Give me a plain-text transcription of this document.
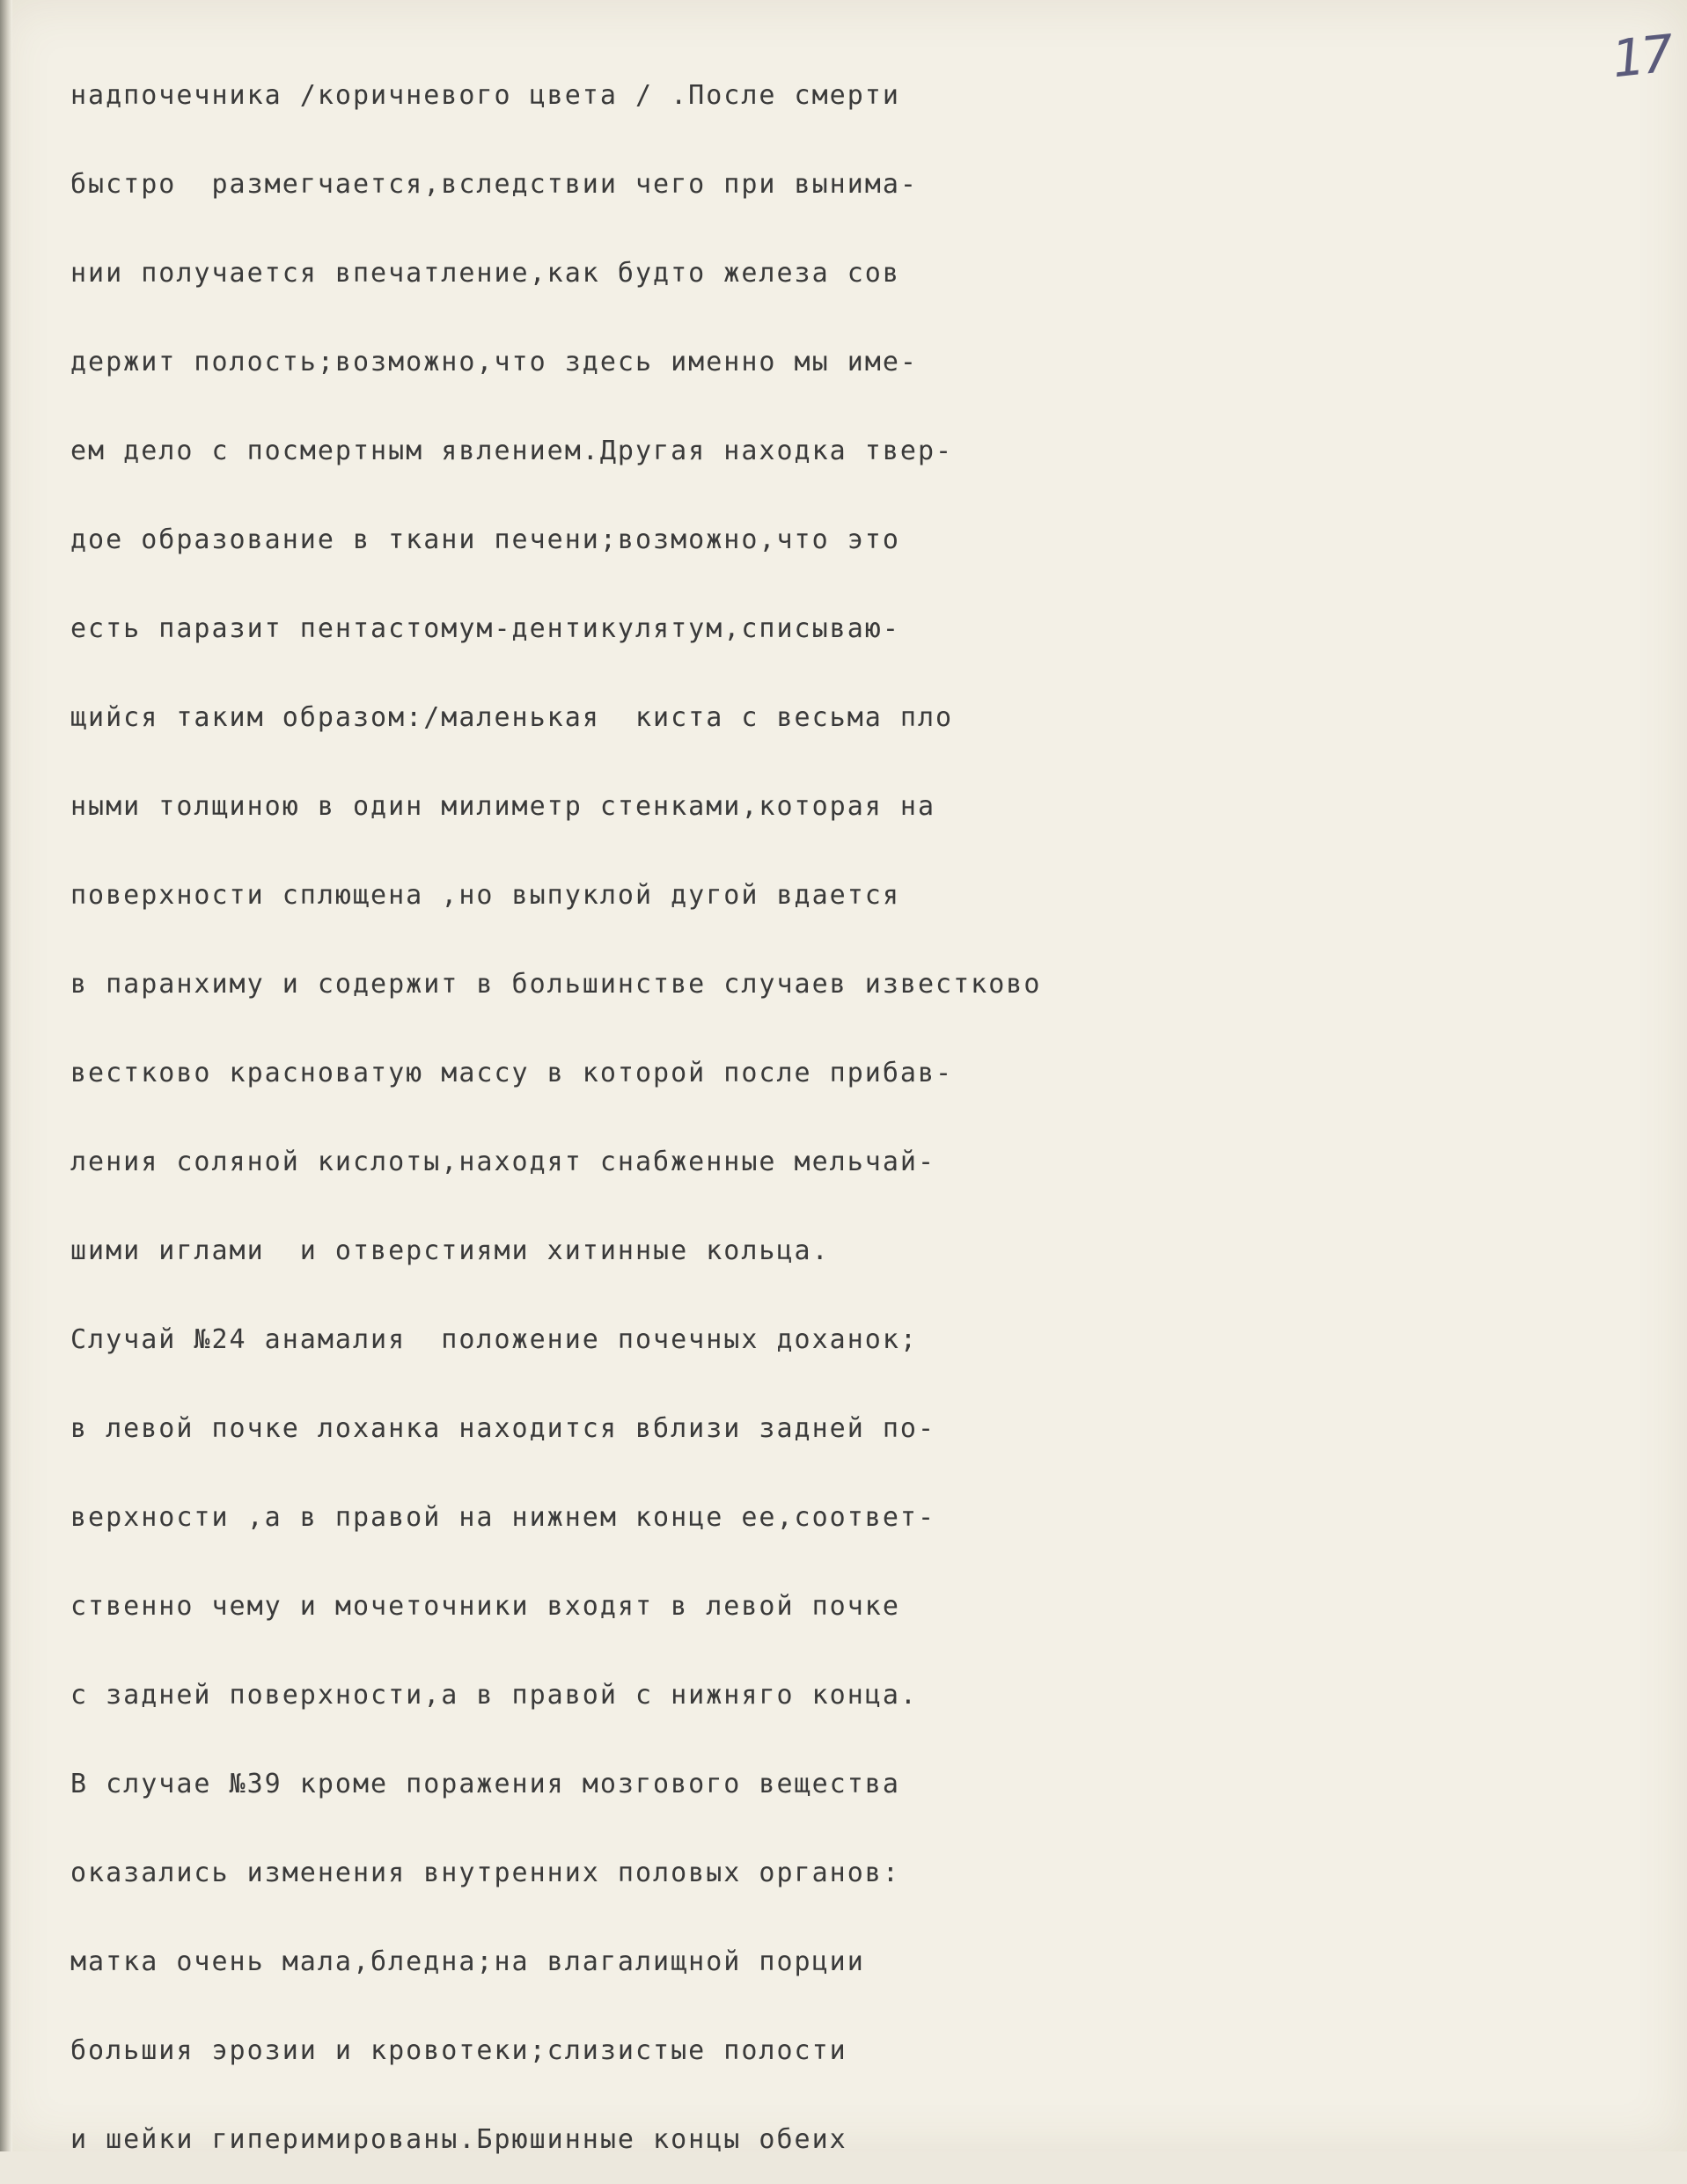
17
надпочечника /коричневого цвета / .После смерти
быстро  размегчается,вследствии чего при вынима-
нии получается впечатление,как будто железа сов
держит полость;возможно,что здесь именно мы име-
ем дело с посмертным явлением.Другая находка твер-
дое образование в ткани печени;возможно,что это
есть паразит пентастомум-дентикулятум,списываю-
щийся таким образом:/маленькая  киста с весьма пло
ными толщиною в один милиметр стенками,которая на
поверхности сплющена ,но выпуклой дугой вдается
в паранхиму и содержит в большинстве случаев известково
вестково красноватую массу в которой после прибав-
ления соляной кислоты,находят снабженные мельчай-
шими иглами  и отверстиями хитинные кольца.
Случай №24 анамалия  положение почечных доханок;
в левой почке лоханка находится вблизи задней по-
верхности ,а в правой на нижнем конце ее,соответ-
ственно чему и мочеточники входят в левой почке
с задней поверхности,а в правой с нижняго конца.
В случае №39 кроме поражения мозгового вещества
оказались изменения внутренних половых органов:
матка очень мала,бледна;на влагалищной порции
большия эрозии и кровотеки;слизистые полости
и шейки гиперимированы.Брюшинные концы обеих
